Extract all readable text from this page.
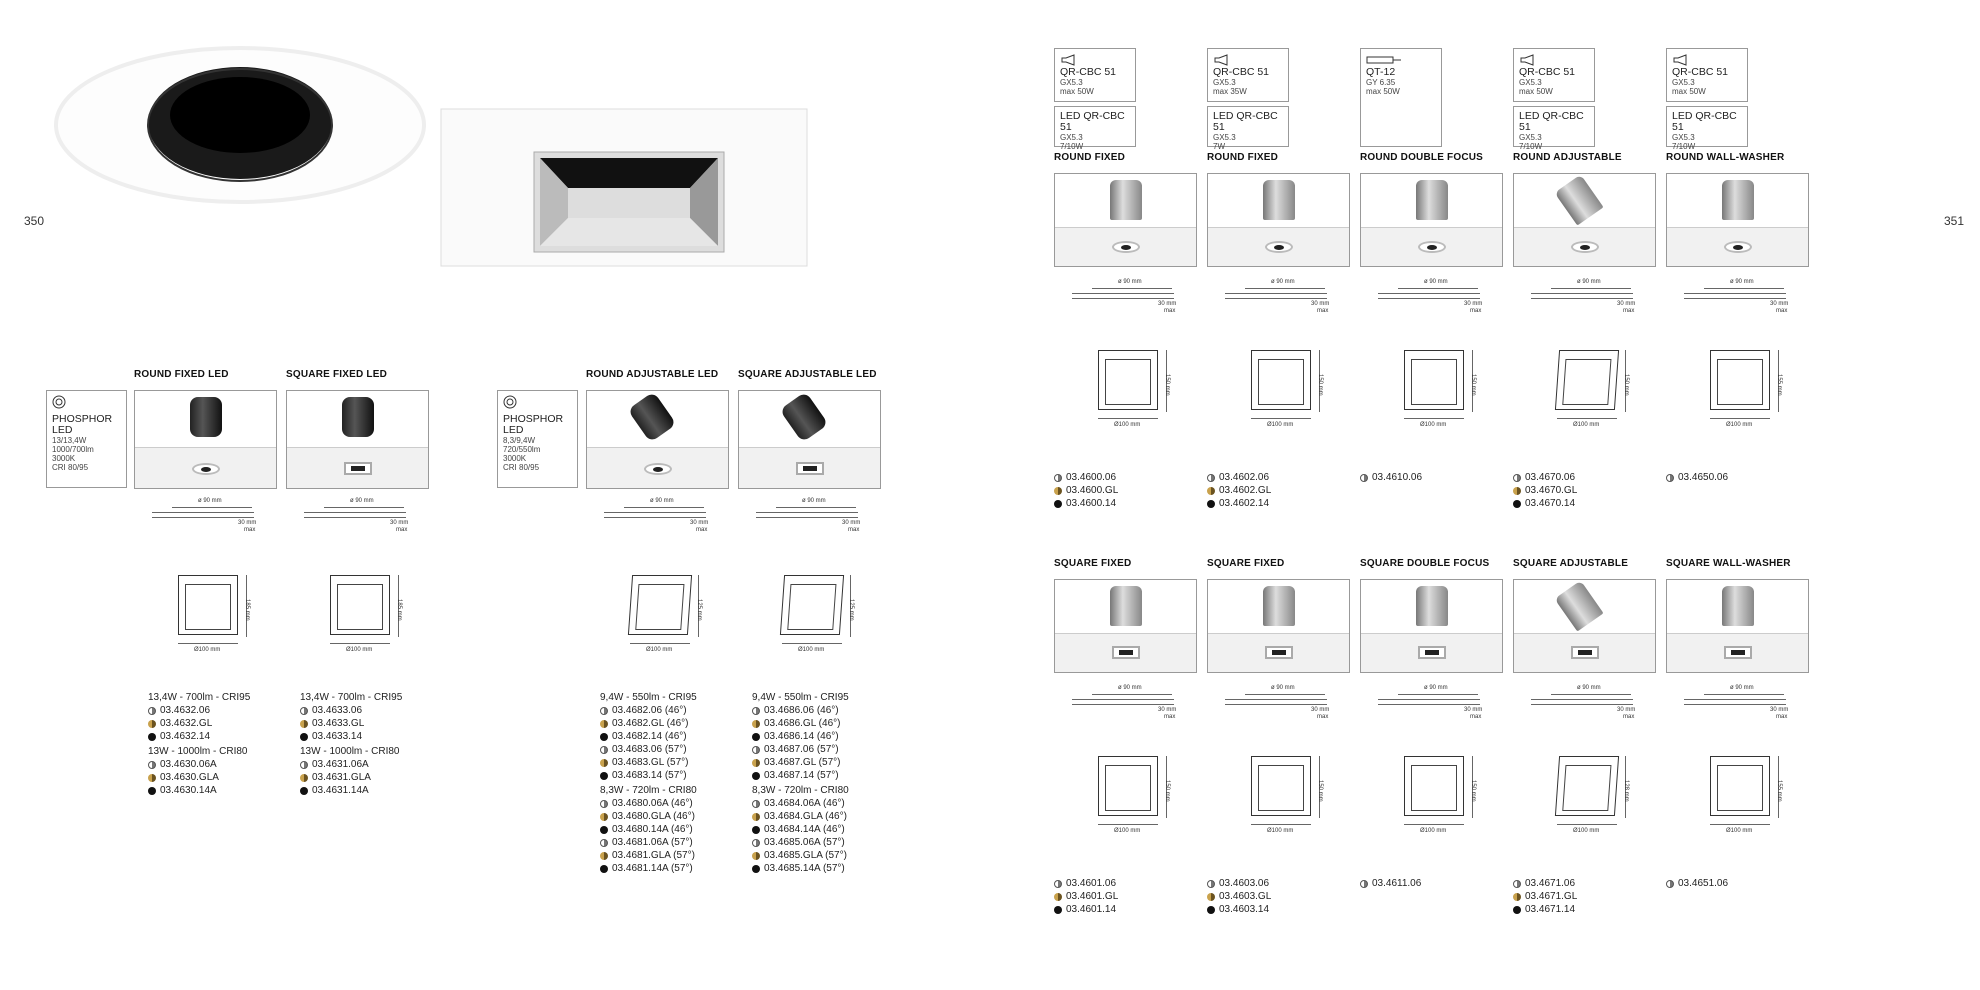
350	351
PHOSPHOR
LED
13/13,4W
1000/700lm
3000K
CRI 80/95
ROUND FIXED LED
ø 90 mm
30 mm
max
185 mm
Ø100 mm
13,4W - 700lm - CRI95
03.4632.06
03.4632.GL
03.4632.14
13W - 1000lm - CRI80
03.4630.06A
03.4630.GLA
03.4630.14A
SQUARE FIXED LED
ø 90 mm
30 mm
max
185 mm
Ø100 mm
13,4W - 700lm - CRI95
03.4633.06
03.4633.GL
03.4633.14
13W - 1000lm - CRI80
03.4631.06A
03.4631.GLA
03.4631.14A
PHOSPHOR
LED
8,3/9,4W
720/550lm
3000K
CRI 80/95
ROUND ADJUSTABLE LED
ø 90 mm
30 mm
max
125 mm
Ø100 mm
9,4W - 550lm - CRI95
03.4682.06 (46°)
03.4682.GL (46°)
03.4682.14 (46°)
03.4683.06 (57°)
03.4683.GL (57°)
03.4683.14 (57°)
8,3W - 720lm - CRI80
03.4680.06A (46°)
03.4680.GLA (46°)
03.4680.14A (46°)
03.4681.06A (57°)
03.4681.GLA (57°)
03.4681.14A (57°)
SQUARE ADJUSTABLE LED
ø 90 mm
30 mm
max
125 mm
Ø100 mm
9,4W - 550lm - CRI95
03.4686.06 (46°)
03.4686.GL (46°)
03.4686.14 (46°)
03.4687.06 (57°)
03.4687.GL (57°)
03.4687.14 (57°)
8,3W - 720lm - CRI80
03.4684.06A (46°)
03.4684.GLA (46°)
03.4684.14A (46°)
03.4685.06A (57°)
03.4685.GLA (57°)
03.4685.14A (57°)
QR-CBC 51
GX5.3
max 50W
LED QR-CBC 51
GX5.3
7/10W
QR-CBC 51
GX5.3
max 35W
LED QR-CBC 51
GX5.3
7W
QT-12
GY 6.35
max 50W
QR-CBC 51
GX5.3
max 50W
LED QR-CBC 51
GX5.3
7/10W
QR-CBC 51
GX5.3
max 50W
LED QR-CBC 51
GX5.3
7/10W
ROUND FIXED
ø 90 mm
30 mm
max
150 mm
Ø100 mm
03.4600.06
03.4600.GL
03.4600.14
ROUND FIXED
ø 90 mm
30 mm
max
150 mm
Ø100 mm
03.4602.06
03.4602.GL
03.4602.14
ROUND DOUBLE FOCUS
ø 90 mm
30 mm
max
150 mm
Ø100 mm
03.4610.06
ROUND ADJUSTABLE
ø 90 mm
30 mm
max
150 mm
Ø100 mm
03.4670.06
03.4670.GL
03.4670.14
ROUND WALL-WASHER
ø 90 mm
30 mm
max
155 mm
Ø100 mm
03.4650.06
SQUARE FIXED
ø 90 mm
30 mm
max
150 mm
Ø100 mm
03.4601.06
03.4601.GL
03.4601.14
SQUARE FIXED
ø 90 mm
30 mm
max
150 mm
Ø100 mm
03.4603.06
03.4603.GL
03.4603.14
SQUARE DOUBLE FOCUS
ø 90 mm
30 mm
max
150 mm
Ø100 mm
03.4611.06
SQUARE ADJUSTABLE
ø 90 mm
30 mm
max
128 mm
Ø100 mm
03.4671.06
03.4671.GL
03.4671.14
SQUARE WALL-WASHER
ø 90 mm
30 mm
max
155 mm
Ø100 mm
03.4651.06
